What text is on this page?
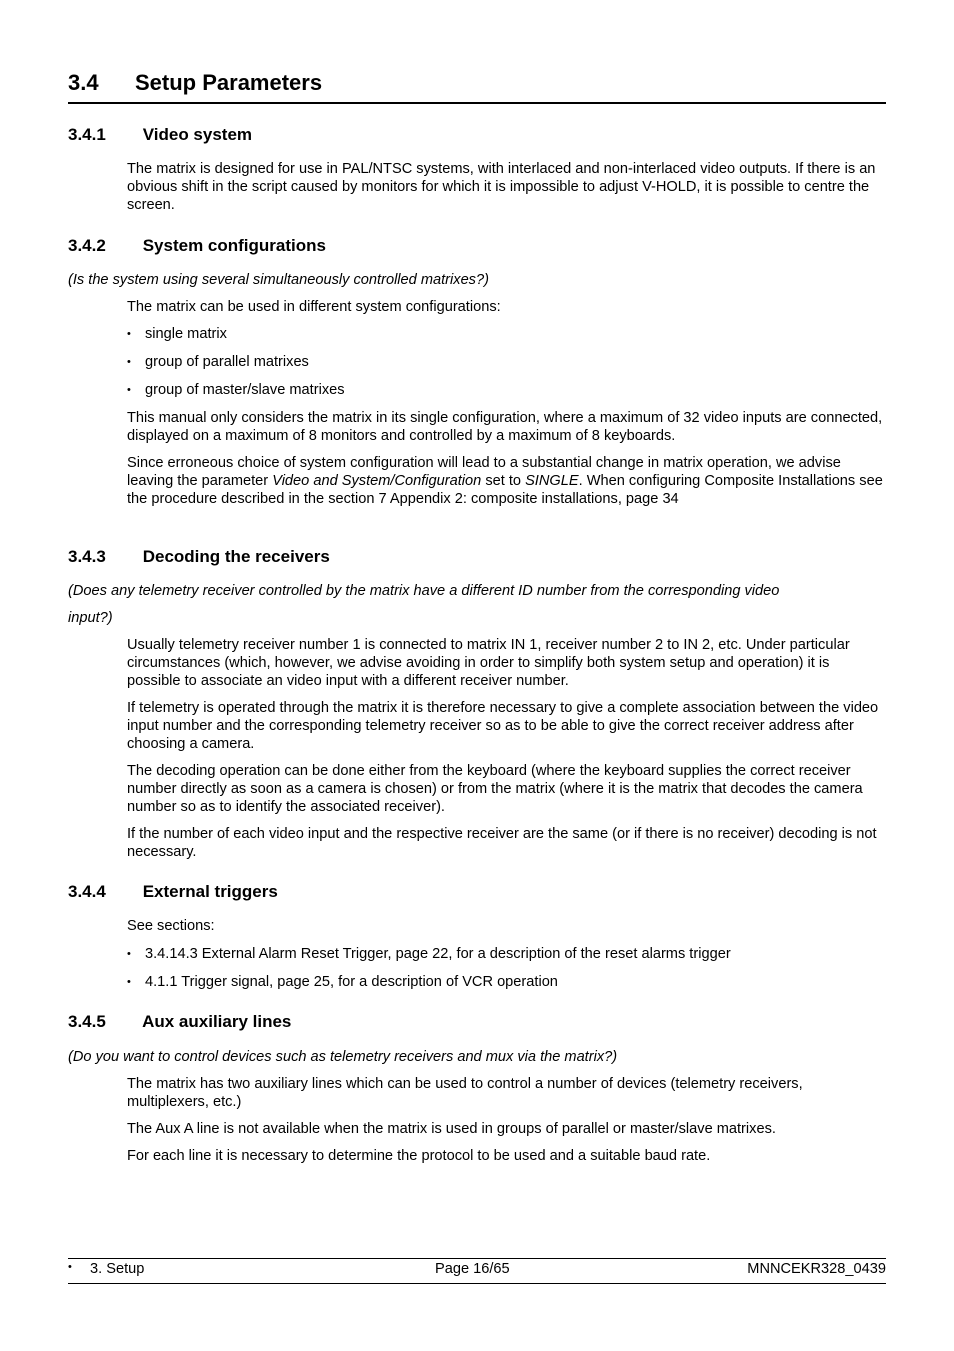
3.4 Setup Parameters
3.4.1 Video system
The matrix is designed for use in PAL/NTSC systems, with interlaced and non-interlaced video outputs. If there is an obvious shift in the script caused by monitors for which it is impossible to adjust V-HOLD, it is possible to centre the screen.
3.4.2 System configurations
(Is the system using several simultaneously controlled matrixes?)
The matrix can be used in different system configurations:
• single matrix
• group of parallel matrixes
• group of master/slave matrixes
This manual only considers the matrix in its single configuration, where a maximum of 32 video inputs are connected, displayed on a maximum of 8 monitors and controlled by a maximum of 8 keyboards.
Since erroneous choice of system configuration will lead to a substantial change in matrix operation, we advise leaving the parameter Video and System/Configuration set to SINGLE. When configuring Composite Installations see the procedure described in the section 7 Appendix 2: composite installations, page 34
3.4.3 Decoding the receivers
(Does any telemetry receiver controlled by the matrix have a different ID number from the corresponding video
input?)
Usually telemetry receiver number 1 is connected to matrix IN 1, receiver number 2 to IN 2, etc. Under particular circumstances (which, however, we advise avoiding in order to simplify both system setup and operation) it is possible to associate an video input with a different receiver number.
If telemetry is operated through the matrix it is therefore necessary to give a complete association between the video input number and the corresponding telemetry receiver so as to be able to give the correct receiver address after choosing a camera.
The decoding operation can be done either from the keyboard (where the keyboard supplies the correct receiver number directly as soon as a camera is chosen) or from the matrix (where it is the matrix that decodes the camera number so as to identify the associated receiver).
If the number of each video input and the respective receiver are the same (or if there is no receiver) decoding is not necessary.
3.4.4 External triggers
See sections:
• 3.4.14.3 External Alarm Reset Trigger, page 22, for a description of the reset alarms trigger
• 4.1.1 Trigger signal, page 25, for a description of VCR operation
3.4.5 Aux auxiliary lines
(Do you want to control devices such as telemetry receivers and mux via the matrix?)
The matrix has two auxiliary lines which can be used to control a number of devices (telemetry receivers, multiplexers, etc.)
The Aux A line is not available when the matrix is used in groups of parallel or master/slave matrixes.
For each line it is necessary to determine the protocol to be used and a suitable baud rate.
• 3. Setup	Page 16/65	MNNCEKR328_0439
